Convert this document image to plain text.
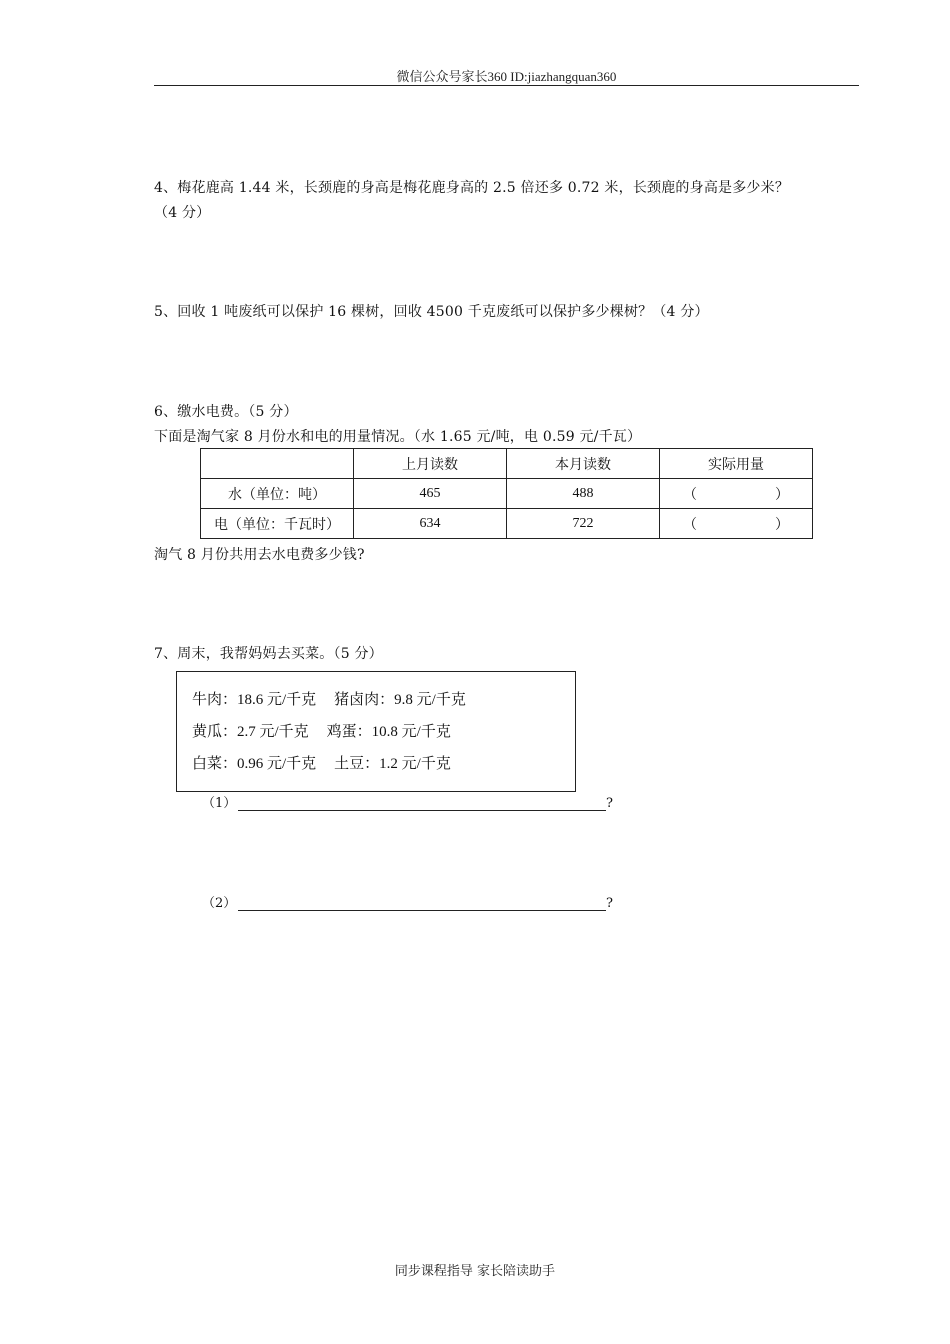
微信公众号家长360 ID:jiazhangquan360
4、梅花鹿高 1.44 米，长颈鹿的身高是梅花鹿身高的 2.5 倍还多 0.72 米，长颈鹿的身高是多少米？
（4 分）
5、回收 1 吨废纸可以保护 16 棵树，回收 4500 千克废纸可以保护多少棵树？（4 分）
6、缴水电费。（5 分）
下面是淘气家 8 月份水和电的用量情况。（水 1.65 元/吨，电 0.59 元/千瓦）
	上月读数	本月读数	实际用量
水（单位：吨）	465	488	（ ）

电（单位：千瓦时）	634	722	（ ）
淘气 8 月份共用去水电费多少钱?
7、周末，我帮妈妈去买菜。（5 分）
牛肉：18.6 元/千克 猪卤肉：9.8 元/千克
黄瓜：2.7 元/千克 鸡蛋：10.8 元/千克
白菜：0.96 元/千克 土豆：1.2 元/千克
（1）	?
（2）	?
同步课程指导 家长陪读助手
